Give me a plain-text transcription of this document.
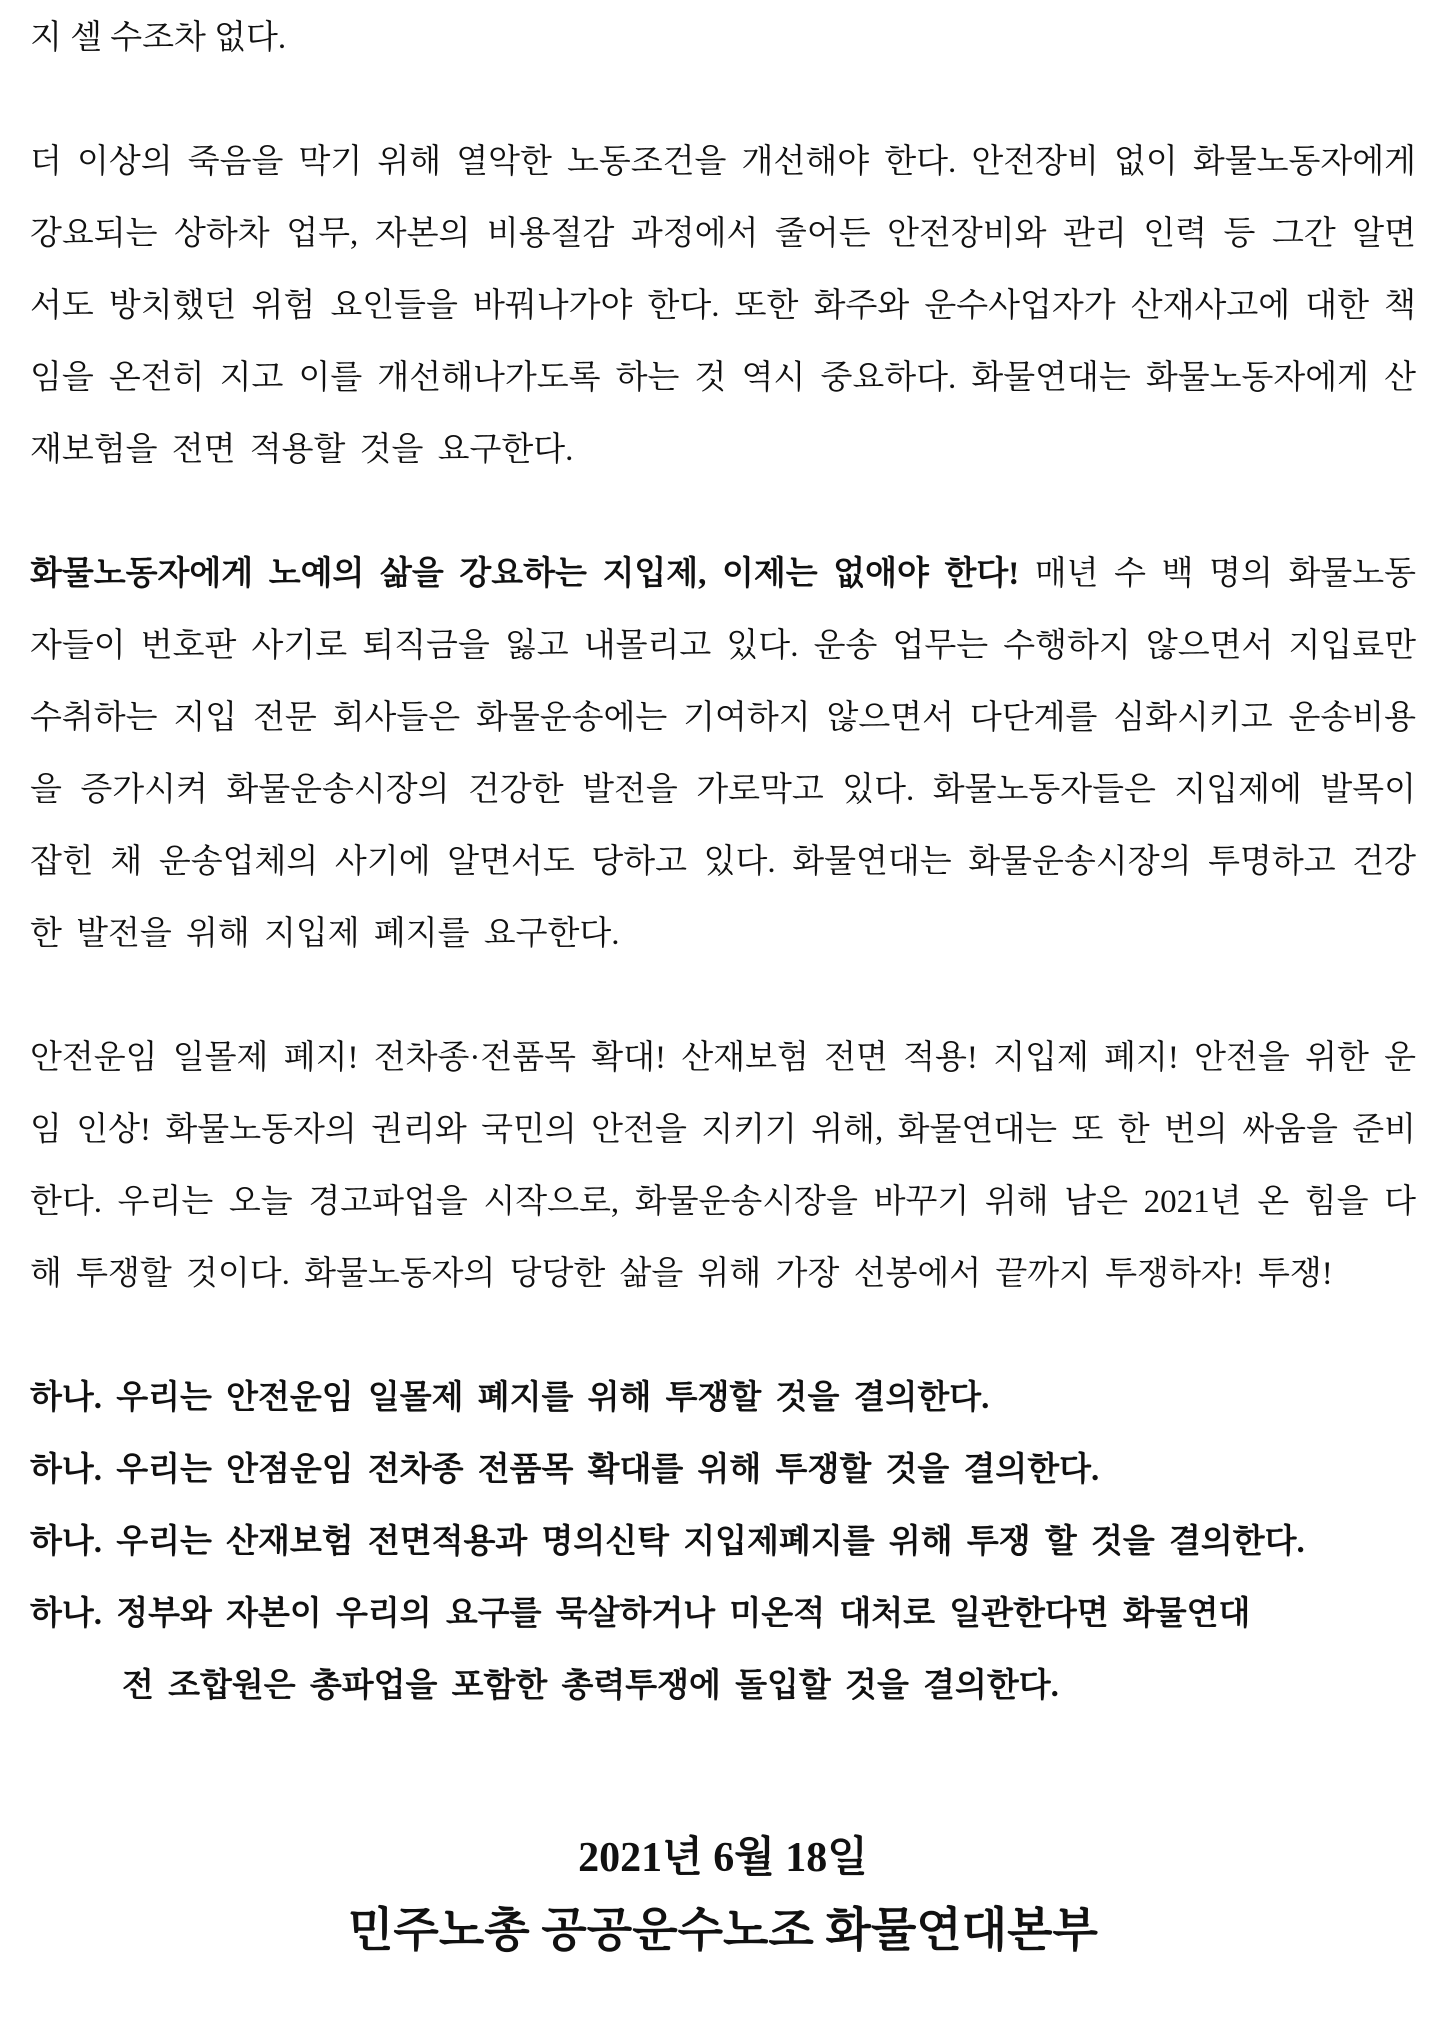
지 셀 수조차 없다.

더 이상의 죽음을 막기 위해 열악한 노동조건을 개선해야 한다. 안전장비 없이 화물노동자에게 강요되는 상하차 업무, 자본의 비용절감 과정에서 줄어든 안전장비와 관리 인력 등 그간 알면서도 방치했던 위험 요인들을 바꿔나가야 한다. 또한 화주와 운수사업자가 산재사고에 대한 책임을 온전히 지고 이를 개선해나가도록 하는 것 역시 중요하다. 화물연대는 화물노동자에게 산재보험을 전면 적용할 것을 요구한다.

화물노동자에게 노예의 삶을 강요하는 지입제, 이제는 없애야 한다! 매년 수 백 명의 화물노동자들이 번호판 사기로 퇴직금을 잃고 내몰리고 있다. 운송 업무는 수행하지 않으면서 지입료만 수취하는 지입 전문 회사들은 화물운송에는 기여하지 않으면서 다단계를 심화시키고 운송비용을 증가시켜 화물운송시장의 건강한 발전을 가로막고 있다. 화물노동자들은 지입제에 발목이 잡힌 채 운송업체의 사기에 알면서도 당하고 있다. 화물연대는 화물운송시장의 투명하고 건강한 발전을 위해 지입제 폐지를 요구한다.

안전운임 일몰제 폐지! 전차종·전품목 확대! 산재보험 전면 적용! 지입제 폐지! 안전을 위한 운임 인상! 화물노동자의 권리와 국민의 안전을 지키기 위해, 화물연대는 또 한 번의 싸움을 준비한다. 우리는 오늘 경고파업을 시작으로, 화물운송시장을 바꾸기 위해 남은 2021년 온 힘을 다해 투쟁할 것이다. 화물노동자의 당당한 삶을 위해 가장 선봉에서 끝까지 투쟁하자! 투쟁!

하나. 우리는 안전운임 일몰제 폐지를 위해 투쟁할 것을 결의한다.

하나. 우리는 안점운임 전차종 전품목 확대를 위해 투쟁할 것을 결의한다.

하나. 우리는 산재보험 전면적용과 명의신탁 지입제폐지를 위해 투쟁 할 것을 결의한다.

하나. 정부와 자본이 우리의 요구를 묵살하거나 미온적 대처로 일관한다면 화물연대

전 조합원은 총파업을 포함한 총력투쟁에 돌입할 것을 결의한다.

2021년 6월 18일

민주노총 공공운수노조 화물연대본부
